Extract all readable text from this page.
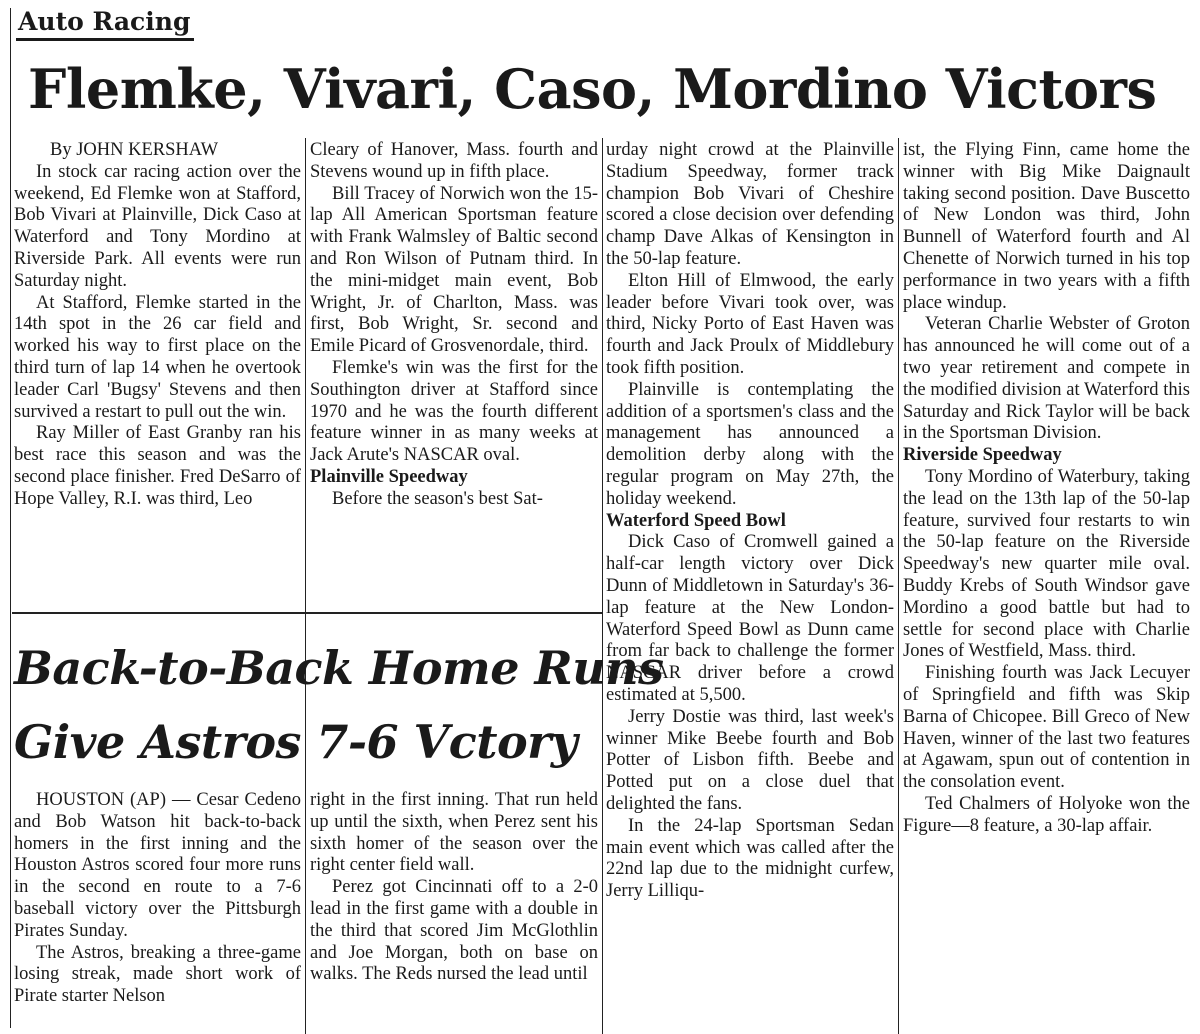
Auto Racing
Flemke, Vivari, Caso, Mordino Victors

By JOHN KERSHAW

In stock car racing action over the weekend, Ed Flemke won at Stafford, Bob Vivari at Plainville, Dick Caso at Waterford and Tony Mordino at Riverside Park. All events were run Saturday night.

At Stafford, Flemke started in the 14th spot in the 26 car field and worked his way to first place on the third turn of lap 14 when he overtook leader Carl 'Bugsy' Stevens and then survived a restart to pull out the win.

Ray Miller of East Granby ran his best race this season and was the second place finisher. Fred DeSarro of Hope Valley, R.I. was third, Leo

Cleary of Hanover, Mass. fourth and Stevens wound up in fifth place.

Bill Tracey of Norwich won the 15-lap All American Sportsman feature with Frank Walmsley of Baltic second and Ron Wilson of Putnam third. In the mini-midget main event, Bob Wright, Jr. of Charlton, Mass. was first, Bob Wright, Sr. second and Emile Picard of Grosvenordale, third.

Flemke's win was the first for the Southington driver at Stafford since 1970 and he was the fourth different feature winner in as many weeks at Jack Arute's NASCAR oval.

Plainville Speedway

Before the season's best Sat-

urday night crowd at the Plainville Stadium Speedway, former track champion Bob Vivari of Cheshire scored a close decision over defending champ Dave Alkas of Kensington in the 50-lap feature.

Elton Hill of Elmwood, the early leader before Vivari took over, was third, Nicky Porto of East Haven was fourth and Jack Proulx of Middlebury took fifth position.

Plainville is contemplating the addition of a sportsmen's class and the management has announced a demolition derby along with the regular program on May 27th, the holiday weekend.

Waterford Speed Bowl

Dick Caso of Cromwell gained a half-car length victory over Dick Dunn of Middletown in Saturday's 36-lap feature at the New London-Waterford Speed Bowl as Dunn came from far back to challenge the former NASCAR driver before a crowd estimated at 5,500.

Jerry Dostie was third, last week's winner Mike Beebe fourth and Bob Potter of Lisbon fifth. Beebe and Potted put on a close duel that delighted the fans.

In the 24-lap Sportsman Sedan main event which was called after the 22nd lap due to the midnight curfew, Jerry Lilliqu-

ist, the Flying Finn, came home the winner with Big Mike Daignault taking second position. Dave Buscetto of New London was third, John Bunnell of Waterford fourth and Al Chenette of Norwich turned in his top performance in two years with a fifth place windup.

Veteran Charlie Webster of Groton has announced he will come out of a two year retirement and compete in the modified division at Waterford this Saturday and Rick Taylor will be back in the Sportsman Division.

Riverside Speedway

Tony Mordino of Waterbury, taking the lead on the 13th lap of the 50-lap feature, survived four restarts to win the 50-lap feature on the Riverside Speedway's new quarter mile oval. Buddy Krebs of South Windsor gave Mordino a good battle but had to settle for second place with Charlie Jones of Westfield, Mass. third.

Finishing fourth was Jack Lecuyer of Springfield and fifth was Skip Barna of Chicopee. Bill Greco of New Haven, winner of the last two features at Agawam, spun out of contention in the consolation event.

Ted Chalmers of Holyoke won the Figure—8 feature, a 30-lap affair.

Back-to-Back Home Runs
Give Astros 7-6 Vctory

HOUSTON (AP) — Cesar Cedeno and Bob Watson hit back-to-back homers in the first inning and the Houston Astros scored four more runs in the second en route to a 7-6 baseball victory over the Pittsburgh Pirates Sunday.

The Astros, breaking a three-game losing streak, made short work of Pirate starter Nelson

right in the first inning. That run held up until the sixth, when Perez sent his sixth homer of the season over the right center field wall.

Perez got Cincinnati off to a 2-0 lead in the first game with a double in the third that scored Jim McGlothlin and Joe Morgan, both on base on walks. The Reds nursed the lead until
